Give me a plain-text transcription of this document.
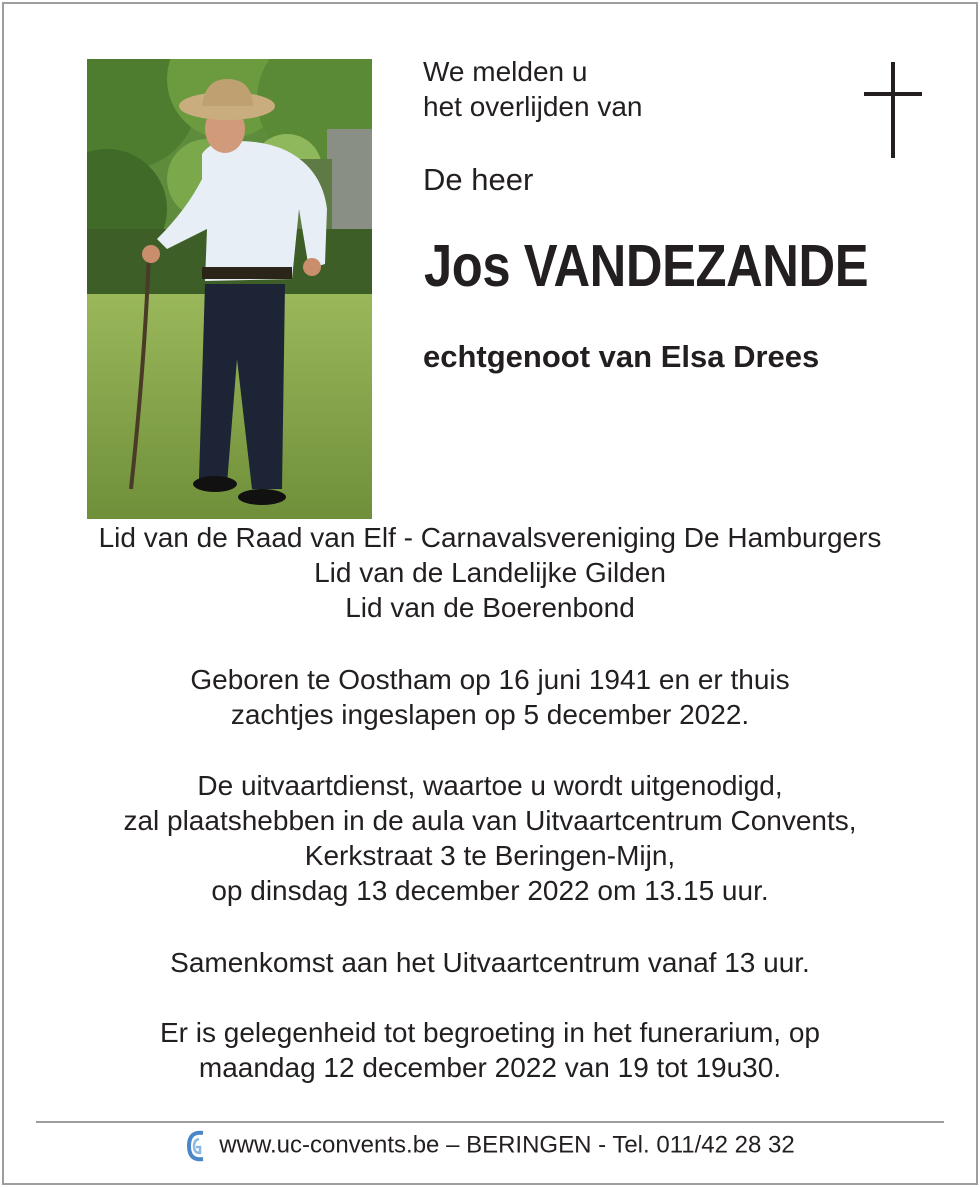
We melden u
het overlijden van
De heer
Jos VANDEZANDE
echtgenoot van Elsa Drees
Lid van de Raad van Elf - Carnavalsvereniging De Hamburgers
Lid van de Landelijke Gilden
Lid van de Boerenbond
Geboren te Oostham op 16 juni 1941 en er thuis
zachtjes ingeslapen op 5 december 2022.
De uitvaartdienst, waartoe u wordt uitgenodigd,
zal plaatshebben in de aula van Uitvaartcentrum Convents,
Kerkstraat 3 te Beringen-Mijn,
op dinsdag 13 december 2022 om 13.15 uur.
Samenkomst aan het Uitvaartcentrum vanaf 13 uur.
Er is gelegenheid tot begroeting in het funerarium, op
maandag 12 december 2022 van 19 tot 19u30.
www.uc-convents.be – BERINGEN - Tel. 011/42 28 32
